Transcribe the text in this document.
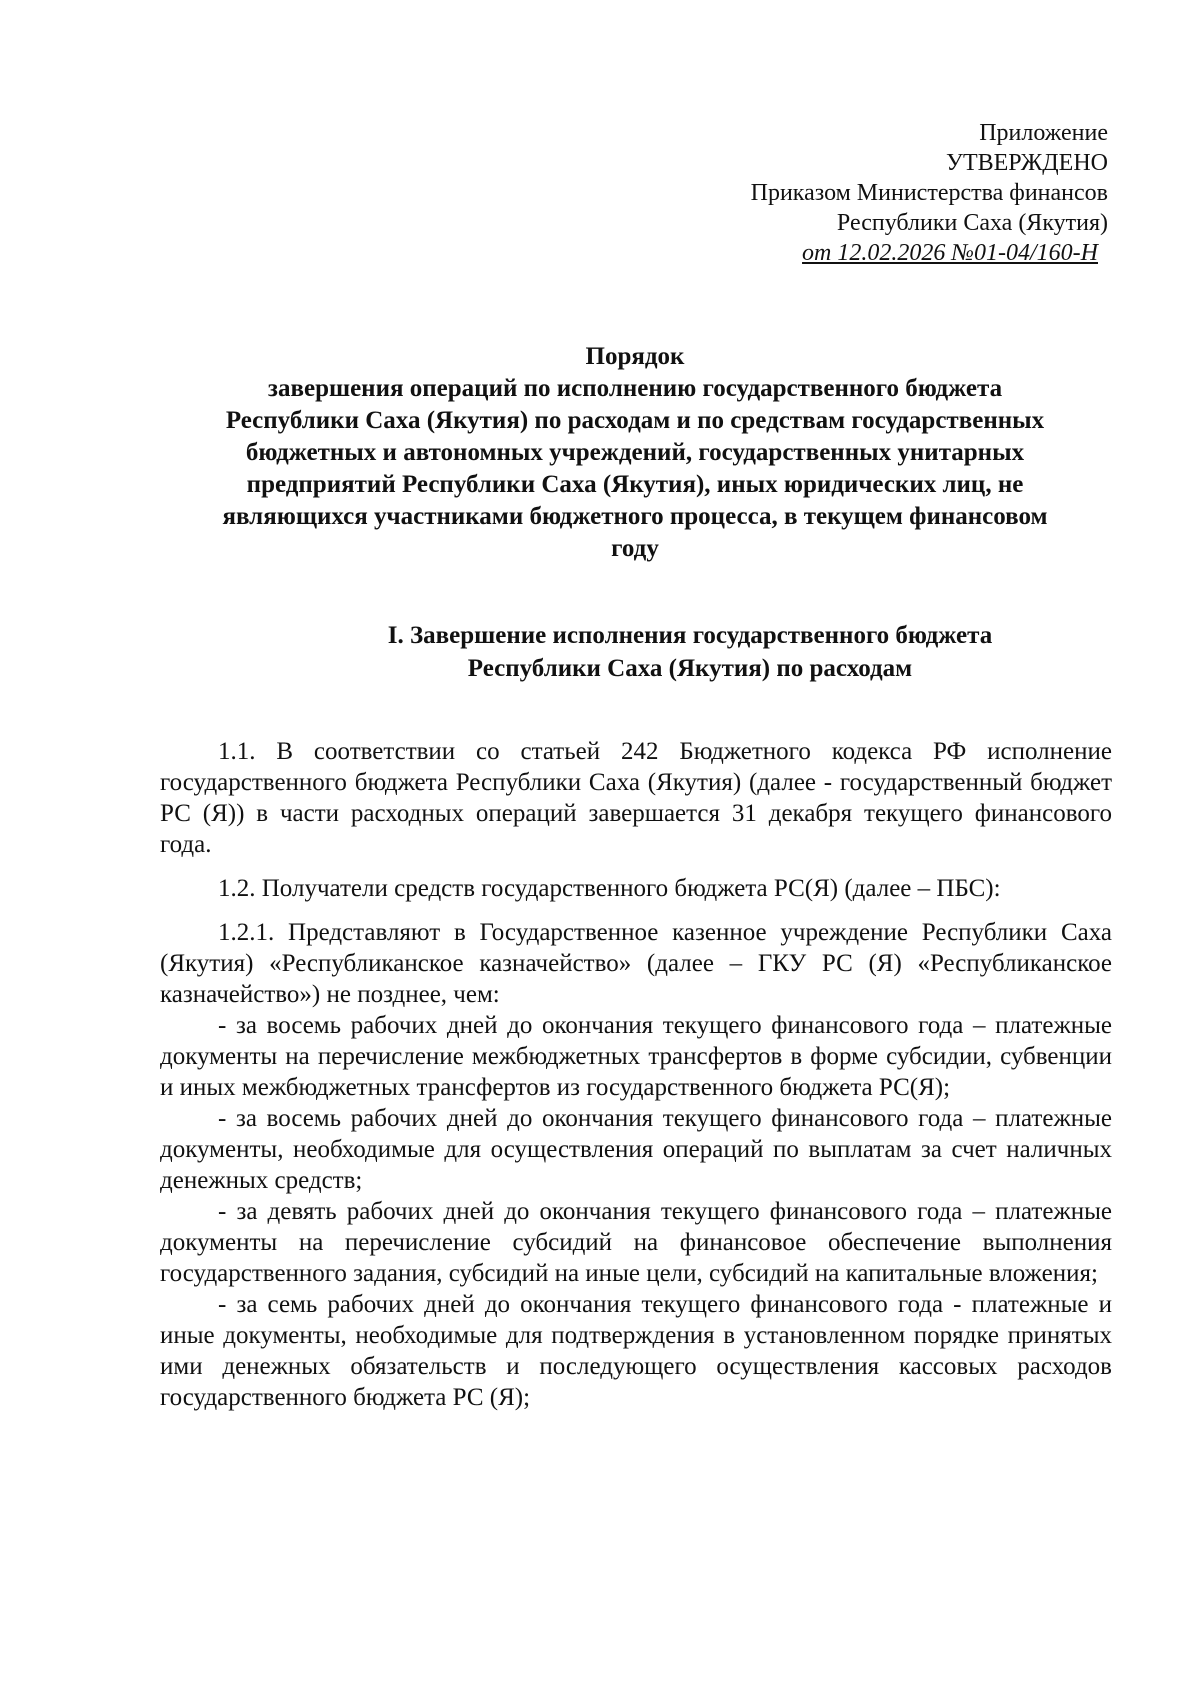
Приложение
УТВЕРЖДЕНО
Приказом Министерства финансов
Республики Саха (Якутия)
от 12.02.2026 №01-04/160-Н
Порядок
завершения операций по исполнению государственного бюджета
Республики Саха (Якутия) по расходам и по средствам государственных
бюджетных и автономных учреждений, государственных унитарных
предприятий Республики Саха (Якутия), иных юридических лиц, не
являющихся участниками бюджетного процесса, в текущем финансовом
году
I. Завершение исполнения государственного бюджета
Республики Саха (Якутия) по расходам

1.1. В соответствии со статьей 242 Бюджетного кодекса РФ исполнение государственного бюджета Республики Саха (Якутия) (далее - государственный бюджет РС (Я)) в части расходных операций завершается 31 декабря текущего финансового года.

1.2. Получатели средств государственного бюджета РС(Я) (далее – ПБС):

1.2.1. Представляют в Государственное казенное учреждение Республики Саха (Якутия) «Республиканское казначейство» (далее – ГКУ РС (Я) «Республиканское казначейство») не позднее, чем:

- за восемь рабочих дней до окончания текущего финансового года – платежные документы на перечисление межбюджетных трансфертов в форме субсидии, субвенции и иных межбюджетных трансфертов из государственного бюджета РС(Я);

- за восемь рабочих дней до окончания текущего финансового года – платежные документы, необходимые для осуществления операций по выплатам за счет наличных денежных средств;

- за девять рабочих дней до окончания текущего финансового года – платежные документы на перечисление субсидий на финансовое обеспечение выполнения государственного задания, субсидий на иные цели, субсидий на капитальные вложения;

- за семь рабочих дней до окончания текущего финансового года - платежные и иные документы, необходимые для подтверждения в установленном порядке принятых ими денежных обязательств и последующего осуществления кассовых расходов государственного бюджета РС (Я);
